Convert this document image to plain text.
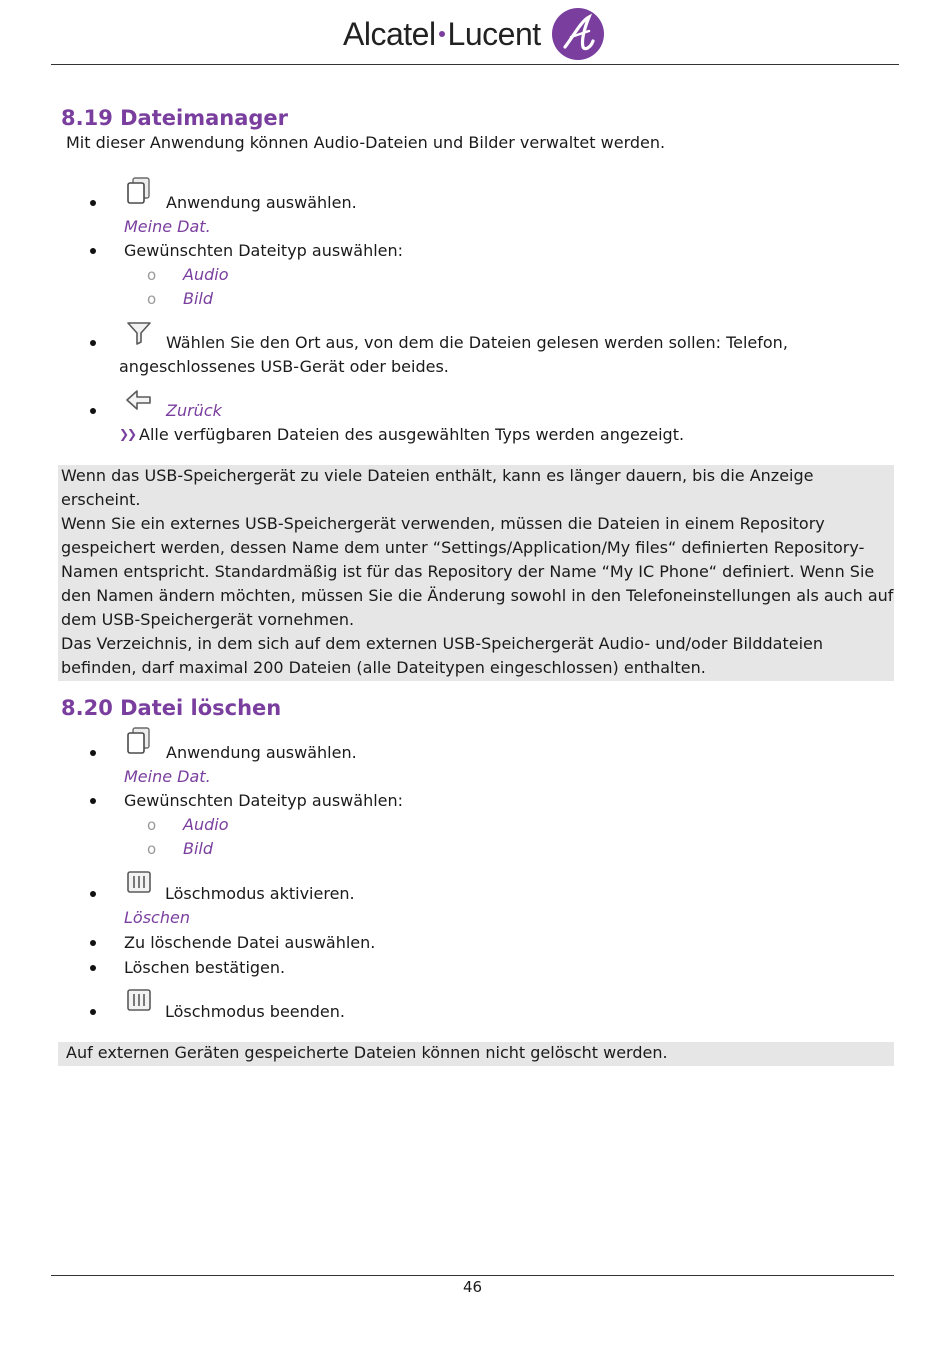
Alcatel Lucent
8.19 Dateimanager
Mit dieser Anwendung können Audio-Dateien und Bilder verwaltet werden.
Anwendung auswählen.
Meine Dat.
Gewünschten Dateityp auswählen:
o Audio
o Bild
Wählen Sie den Ort aus, von dem die Dateien gelesen werden sollen: Telefon,
angeschlossenes USB-Gerät oder beides.
Zurück
❯❯ Alle verfügbaren Dateien des ausgewählten Typs werden angezeigt.
Wenn das USB-Speichergerät zu viele Dateien enthält, kann es länger dauern, bis die Anzeige
erscheint.
Wenn Sie ein externes USB-Speichergerät verwenden, müssen die Dateien in einem Repository
gespeichert werden, dessen Name dem unter “Settings/Application/My files“ definierten Repository-
Namen entspricht. Standardmäßig ist für das Repository der Name “My IC Phone“ definiert. Wenn Sie
den Namen ändern möchten, müssen Sie die Änderung sowohl in den Telefoneinstellungen als auch auf
dem USB-Speichergerät vornehmen.
Das Verzeichnis, in dem sich auf dem externen USB-Speichergerät Audio- und/oder Bilddateien
befinden, darf maximal 200 Dateien (alle Dateitypen eingeschlossen) enthalten.
8.20 Datei löschen
Anwendung auswählen.
Meine Dat.
Gewünschten Dateityp auswählen:
o Audio
o Bild
Löschmodus aktivieren.
Löschen
Zu löschende Datei auswählen.
Löschen bestätigen.
Löschmodus beenden.
Auf externen Geräten gespeicherte Dateien können nicht gelöscht werden.
46
